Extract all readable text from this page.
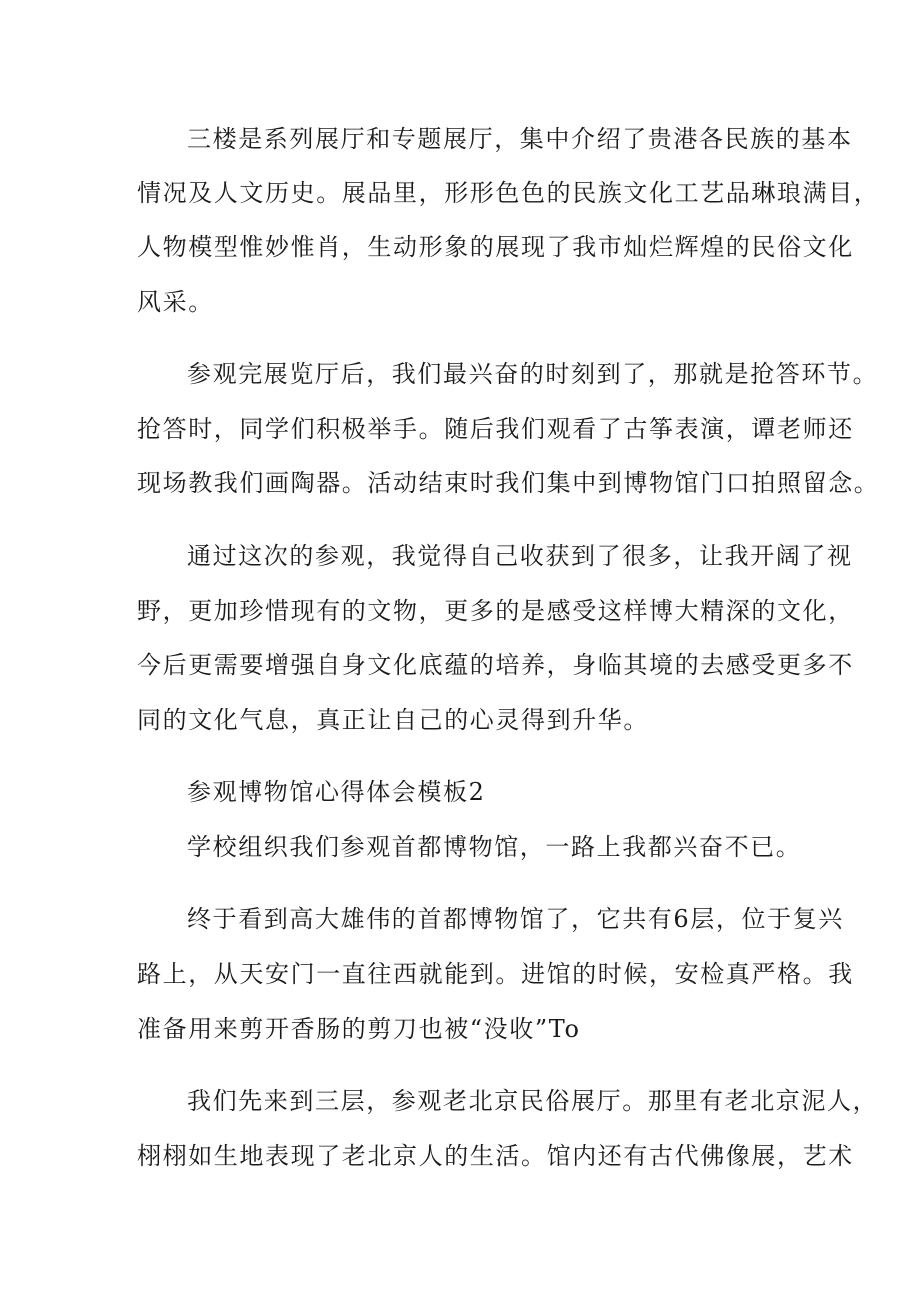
三楼是系列展厅和专题展厅，集中介绍了贵港各民族的基本
情况及人文历史。展品里，形形色色的民族文化工艺品琳琅满目，
人物模型惟妙惟肖，生动形象的展现了我市灿烂辉煌的民俗文化
风采。
参观完展览厅后，我们最兴奋的时刻到了，那就是抢答环节。
抢答时，同学们积极举手。随后我们观看了古筝表演，谭老师还
现场教我们画陶器。活动结束时我们集中到博物馆门口拍照留念。
通过这次的参观，我觉得自己收获到了很多，让我开阔了视
野，更加珍惜现有的文物，更多的是感受这样博大精深的文化，
今后更需要增强自身文化底蕴的培养，身临其境的去感受更多不
同的文化气息，真正让自己的心灵得到升华。
参观博物馆心得体会模板2
学校组织我们参观首都博物馆，一路上我都兴奋不已。
终于看到高大雄伟的首都博物馆了，它共有6层，位于复兴
路上，从天安门一直往西就能到。进馆的时候，安检真严格。我
准备用来剪开香肠的剪刀也被“没收”To
我们先来到三层，参观老北京民俗展厅。那里有老北京泥人，
栩栩如生地表现了老北京人的生活。馆内还有古代佛像展，艺术
